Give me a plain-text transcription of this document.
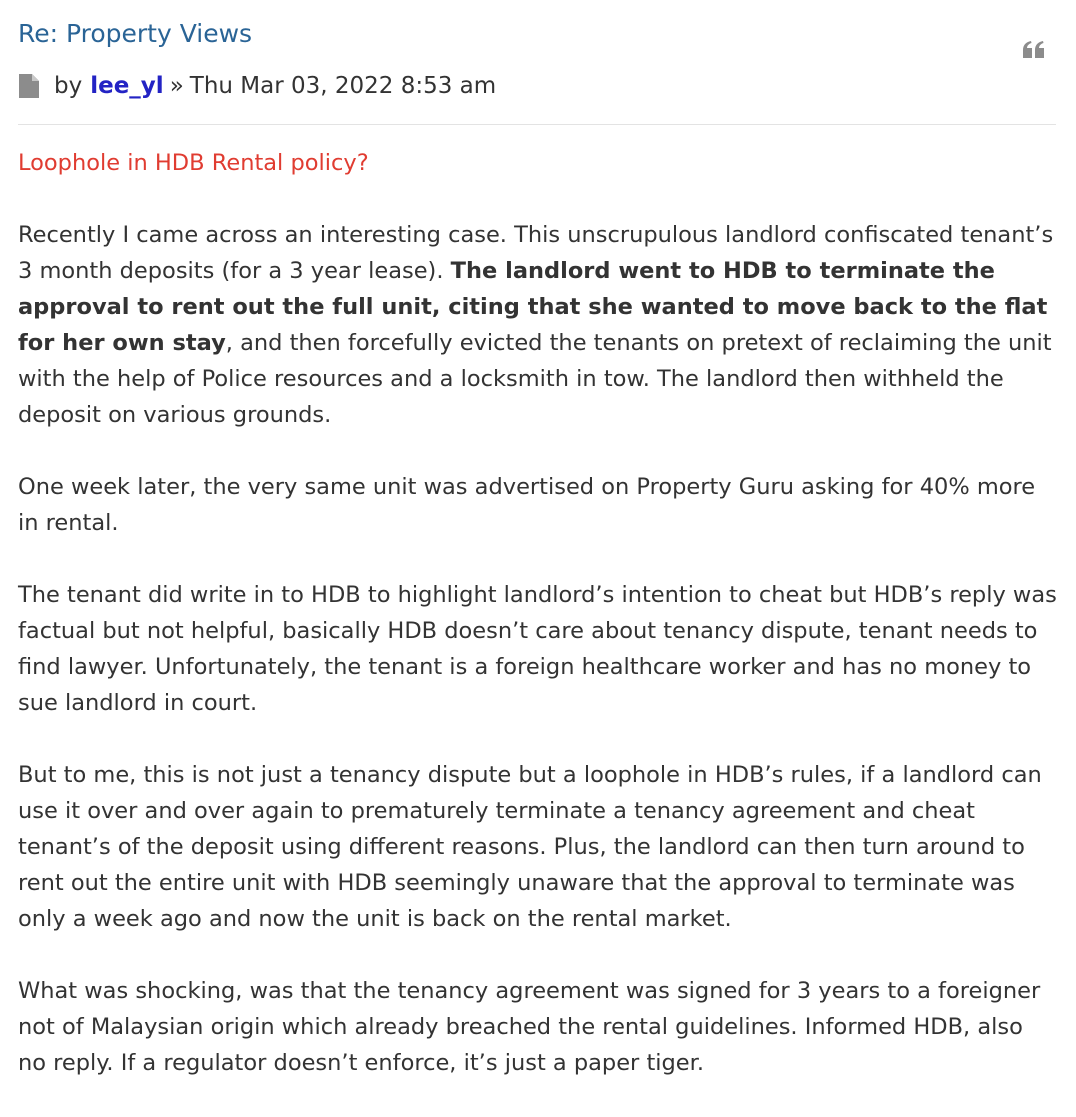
Re: Property Views
by lee_yl » Thu Mar 03, 2022 8:53 am

Loophole in HDB Rental policy?

Recently I came across an interesting case. This unscrupulous landlord confiscated tenant’s 3 month deposits (for a 3 year lease). The landlord went to HDB to terminate the approval to rent out the full unit, citing that she wanted to move back to the flat for her own stay, and then forcefully evicted the tenants on pretext of reclaiming the unit with the help of Police resources and a locksmith in tow. The landlord then withheld the deposit on various grounds.

One week later, the very same unit was advertised on Property Guru asking for 40% more in rental.

The tenant did write in to HDB to highlight landlord’s intention to cheat but HDB’s reply was factual but not helpful, basically HDB doesn’t care about tenancy dispute, tenant needs to find lawyer. Unfortunately, the tenant is a foreign healthcare worker and has no money to sue landlord in court.

But to me, this is not just a tenancy dispute but a loophole in HDB’s rules, if a landlord can use it over and over again to prematurely terminate a tenancy agreement and cheat tenant’s of the deposit using different reasons. Plus, the landlord can then turn around to rent out the entire unit with HDB seemingly unaware that the approval to terminate was only a week ago and now the unit is back on the rental market.

What was shocking, was that the tenancy agreement was signed for 3 years to a foreigner not of Malaysian origin which already breached the rental guidelines. Informed HDB, also no reply. If a regulator doesn’t enforce, it’s just a paper tiger.
